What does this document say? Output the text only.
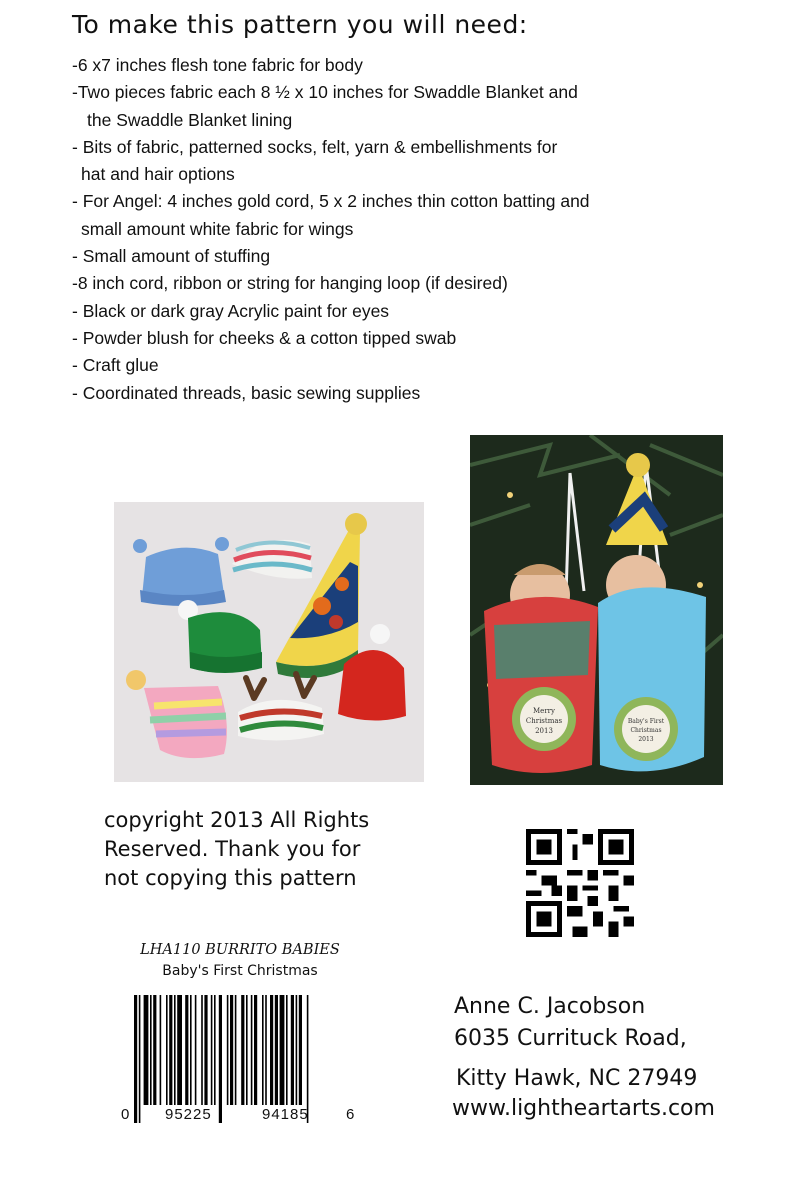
To make this pattern you will need:
-6 x7 inches flesh tone fabric for body
-Two pieces fabric each 8 ½ x 10 inches for Swaddle Blanket and
the Swaddle Blanket lining
- Bits of fabric, patterned socks, felt, yarn & embellishments for
hat and hair options
- For Angel: 4 inches gold cord, 5 x 2 inches thin cotton batting and
small amount white fabric for wings
- Small amount of stuffing
-8 inch cord, ribbon or string for hanging loop (if desired)
- Black or dark gray Acrylic paint for eyes
- Powder blush for cheeks & a cotton tipped swab
- Craft glue
- Coordinated threads, basic sewing supplies
Merry
Christmas
2013
Baby's First
Christmas
2013
copyright 2013 All Rights
Reserved. Thank you for
not copying this pattern
LHA110 BURRITO BABIES
Baby's First Christmas
0 95225	94185 6
Anne C. Jacobson
6035 Currituck Road,
Kitty Hawk, NC 27949
www.lightheartarts.com
